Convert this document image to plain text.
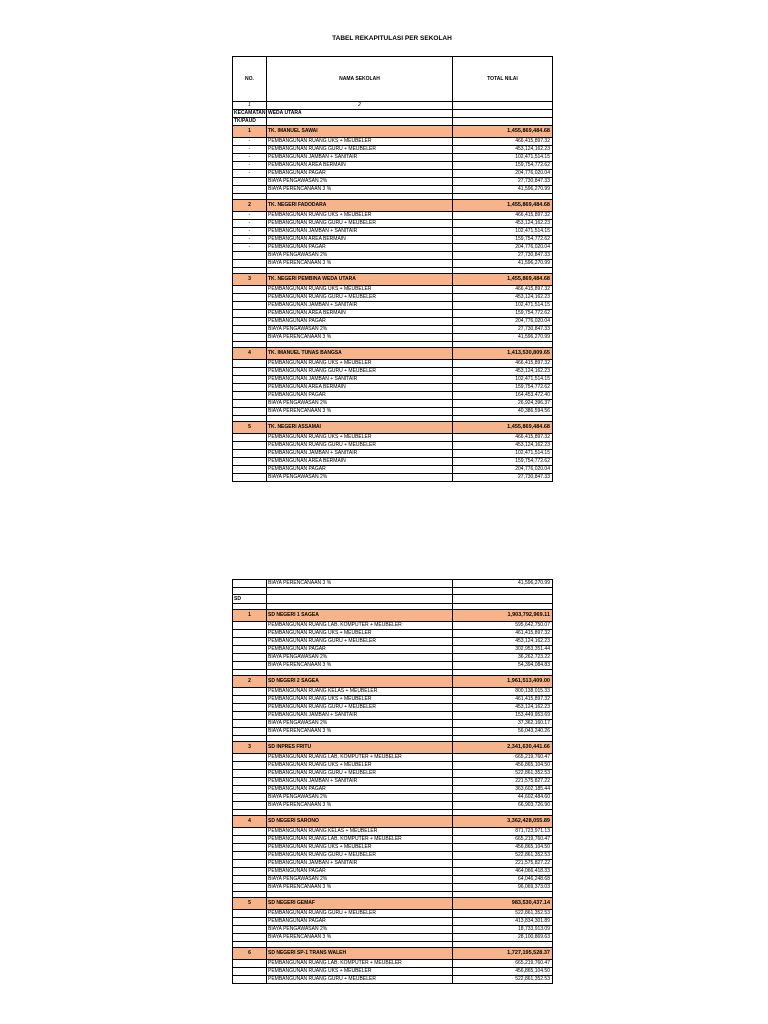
TABEL REKAPITULASI PER SEKOLAH
NO.	NAMA SEKOLAH	TOTAL NILAI
1	2	
KECAMATAN	WEDA UTARA	
TK/PAUD		
1	TK. IMANUEL SAWAI	1,455,869,484.68
-	PEMBANGUNAN RUANG UKS + MEUBELER	466,415,897.32
-	PEMBANGUNAN RUANG GURU + MEUBELER	453,124,162.23
-	PEMBANGUNAN JAMBAN + SANITAIR	102,471,514.15
-	PEMBANGUNAN AREA BERMAIN	159,754,772.62
-	PEMBANGUNAN PAGAR	204,776,020.04
	BIAYA PENGAWASAN 2%	27,730,847.33
	BIAYA PERENCANAAN 3 %	41,596,270.99

2	TK. NEGERI FADODARA	1,455,869,484.68
-	PEMBANGUNAN RUANG UKS + MEUBELER	466,415,897.32
-	PEMBANGUNAN RUANG GURU + MEUBELER	453,124,162.23
-	PEMBANGUNAN JAMBAN + SANITAIR	102,471,514.15
-	PEMBANGUNAN AREA BERMAIN	159,754,772.62
-	PEMBANGUNAN PAGAR	204,776,020.04
	BIAYA PENGAWASAN 2%	27,730,847.33
	BIAYA PERENCANAAN 3 %	41,596,270.99

3	TK. NEGERI PEMBINA WEDA UTARA	1,455,869,484.68
	PEMBANGUNAN RUANG UKS + MEUBELER	466,415,897.32
	PEMBANGUNAN RUANG GURU + MEUBELER	453,124,162.23
	PEMBANGUNAN JAMBAN + SANITAIR	102,471,514.15
	PEMBANGUNAN AREA BERMAIN	159,754,772.62
	PEMBANGUNAN PAGAR	204,776,020.04
	BIAYA PENGAWASAN 2%	27,730,847.33
	BIAYA PERENCANAAN 3 %	41,596,270.99

4	TK. IMANUEL TUNAS BANGSA	1,413,530,809.65
	PEMBANGUNAN RUANG UKS + MEUBELER	466,415,897.32
	PEMBANGUNAN RUANG GURU + MEUBELER	453,124,162.23
	PEMBANGUNAN JAMBAN + SANITAIR	102,471,514.15
	PEMBANGUNAN AREA BERMAIN	159,754,772.62
	PEMBANGUNAN PAGAR	164,453,472.40
	BIAYA PENGAWASAN 2%	26,924,396.37
	BIAYA PERENCANAAN 3 %	40,386,594.56

5	TK. NEGERI ASSAMAI	1,455,869,484.68
	PEMBANGUNAN RUANG UKS + MEUBELER	466,415,897.32
	PEMBANGUNAN RUANG GURU + MEUBELER	453,124,162.23
	PEMBANGUNAN JAMBAN + SANITAIR	102,471,514.15
	PEMBANGUNAN AREA BERMAIN	159,754,772.62
	PEMBANGUNAN PAGAR	204,776,020.04
	BIAYA PENGAWASAN 2%	27,730,847.33
	BIAYA PERENCANAAN 3 %	41,596,270.99

SD		

1	SD NEGERI 1 SAGEA	1,903,792,969.11
	PEMBANGUNAN RUANG LAB. KOMPUTER + MEUBELER	595,642,750.07
	PEMBANGUNAN RUANG UKS + MEUBELER	461,415,897.32
	PEMBANGUNAN RUANG GURU + MEUBELER	453,124,162.23
	PEMBANGUNAN PAGAR	302,953,351.44
	BIAYA PENGAWASAN 2%	36,262,723.22
	BIAYA PERENCANAAN 3 %	54,394,084.83

2	SD NEGERI 2 SAGEA	1,961,513,409.00
	PEMBANGUNAN RUANG KELAS + MEUBELER	800,138,015.33
	PEMBANGUNAN RUANG UKS + MEUBELER	461,415,897.32
	PEMBANGUNAN RUANG GURU + MEUBELER	453,124,162.23
	PEMBANGUNAN JAMBAN + SANITAIR	153,449,953.69
	BIAYA PENGAWASAN 2%	37,362,160.17
	BIAYA PERENCANAAN 3 %	56,043,240.26

3	SD INPRES FRITU	2,341,630,441.66
	PEMBANGUNAN RUANG LAB. KOMPUTER + MEUBELER	665,219,760.47
	PEMBANGUNAN RUANG UKS + MEUBELER	456,865,104.50
	PEMBANGUNAN RUANG GURU + MEUBELER	522,861,352.53
	PEMBANGUNAN JAMBAN + SANITAIR	221,575,827.22
	PEMBANGUNAN PAGAR	363,602,185.44
	BIAYA PENGAWASAN 2%	44,602,484.60
	BIAYA PERENCANAAN 3 %	66,903,726.90

4	SD NEGERI SARONO	3,362,428,055.89
	PEMBANGUNAN RUANG KELAS + MEUBELER	871,723,971.13
	PEMBANGUNAN RUANG LAB. KOMPUTER + MEUBELER	665,219,760.47
	PEMBANGUNAN RUANG UKS + MEUBELER	456,865,104.50
	PEMBANGUNAN RUANG GURU + MEUBELER	522,861,352.53
	PEMBANGUNAN JAMBAN + SANITAIR	221,575,827.22
	PEMBANGUNAN PAGAR	464,066,418.33
	BIAYA PENGAWASAN 2%	64,046,248.68
	BIAYA PERENCANAAN 3 %	96,069,373.03

5	SD NEGERI GEMAF	983,530,437.14
	PEMBANGUNAN RUANG GURU + MEUBELER	522,861,352.53
	PEMBANGUNAN PAGAR	413,834,301.89
	BIAYA PENGAWASAN 2%	18,733,913.09
	BIAYA PERENCANAAN 3 %	28,100,869.63

6	SD NEGERI SP-1 TRANS WALEH	1,727,195,528.37
	PEMBANGUNAN RUANG LAB. KOMPUTER + MEUBELER	665,219,760.47
	PEMBANGUNAN RUANG UKS + MEUBELER	456,865,104.50
	PEMBANGUNAN RUANG GURU + MEUBELER	522,861,352.53
